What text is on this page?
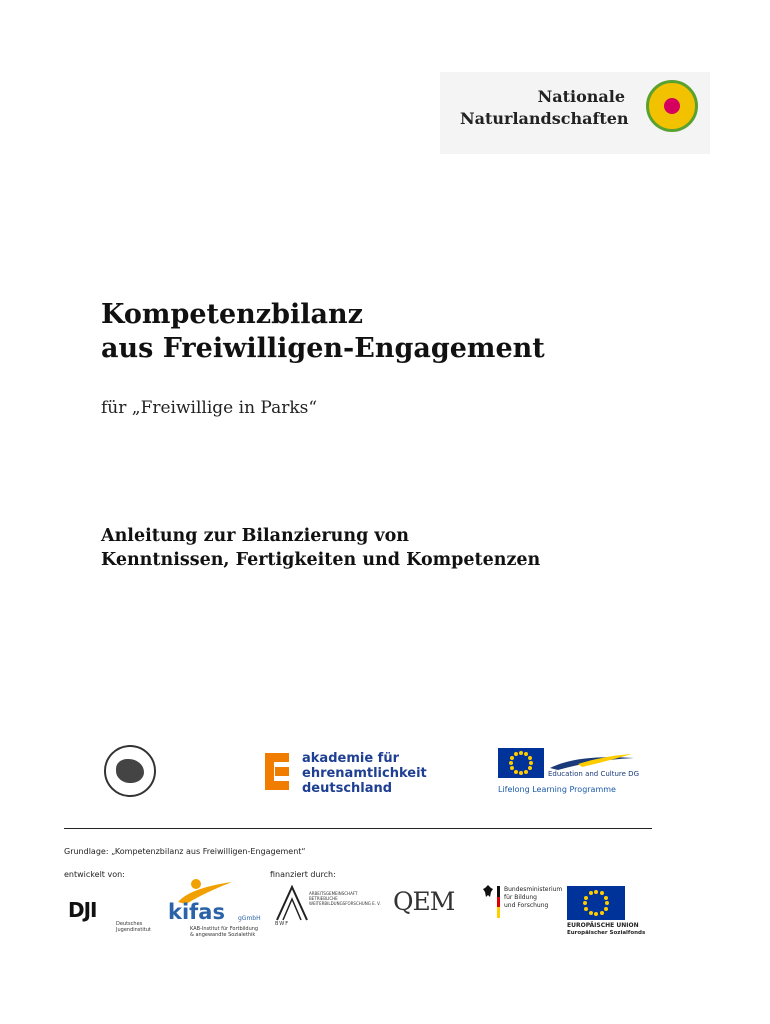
Nationale
Naturlandschaften
Kompetenzbilanz
aus Freiwilligen-Engagement
für „Freiwillige in Parks“
Anleitung zur Bilanzierung von
Kenntnissen, Fertigkeiten und Kompetenzen
akademie für
ehrenamtlichkeit
deutschland
Education and Culture DG
Lifelong Learning Programme
Grundlage: „Kompetenzbilanz aus Freiwilligen-Engagement“
entwickelt von:	finanziert durch:
DJI
Deutsches
Jugendinstitut
kifas gGmbH
KAB-Institut für Fortbildung
& angewandte Sozialethik
ARBEITSGEMEINSCHAFT
BETRIEBLICHE
WEITERBILDUNGSFORSCHUNG E. V.
BWF
QEM	Bundesministerium
für Bildung
und Forschung
EUROPÄISCHE UNION
Europäischer Sozialfonds
